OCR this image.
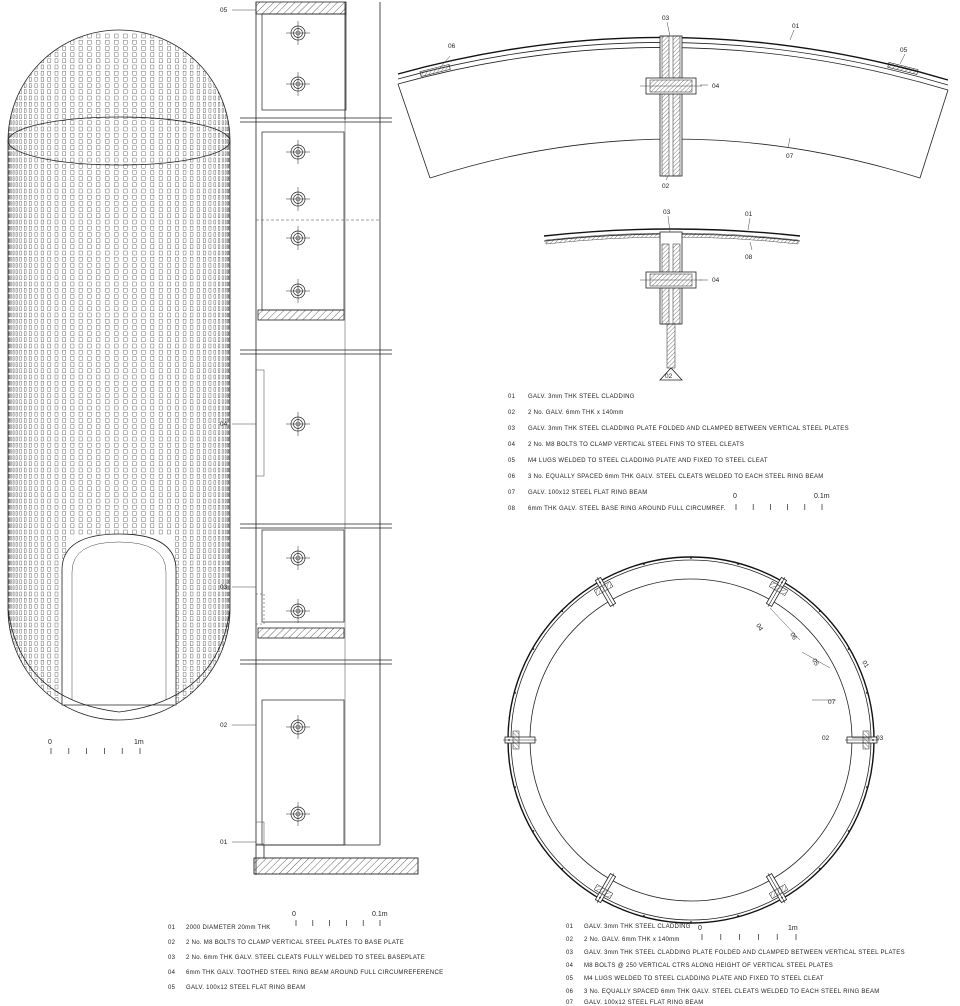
0	1m
05
04
03
02
01
0	0.1m
01 2000 DIAMETER 20mm THK
02 2 No. M8 BOLTS TO CLAMP VERTICAL STEEL PLATES TO BASE PLATE
03 2 No. 6mm THK GALV. STEEL CLEATS FULLY WELDED TO STEEL BASEPLATE
04 6mm THK GALV. TOOTHED STEEL RING BEAM AROUND FULL CIRCUMREFERENCE
05 GALV. 100x12 STEEL FLAT RING BEAM
06
03
01
05
04
07
02
03	01
08
04
02
01 GALV. 3mm THK STEEL CLADDING
02 2 No. GALV. 6mm THK x 140mm
03 GALV. 3mm THK STEEL CLADDING PLATE FOLDED AND CLAMPED BETWEEN VERTICAL STEEL PLATES
04 2 No. M8 BOLTS TO CLAMP VERTICAL STEEL FINS TO STEEL CLEATS
05 M4 LUGS WELDED TO STEEL CLADDING PLATE AND FIXED TO STEEL CLEAT
06 3 No. EQUALLY SPACED 6mm THK GALV. STEEL CLEATS WELDED TO EACH STEEL RING BEAM
07 GALV. 100x12 STEEL FLAT RING BEAM
08 6mm THK GALV. STEEL BASE RING AROUND FULL CIRCUMREF.
0	0.1m
04
06
05	01
07
02	03
0	1m
01 GALV. 3mm THK STEEL CLADDING
02 2 No. GALV. 6mm THK x 140mm
03 GALV. 3mm THK STEEL CLADDING PLATE FOLDED AND CLAMPED BETWEEN VERTICAL STEEL PLATES
04 M8 BOLTS @ 250 VERTICAL CTRS ALONG HEIGHT OF VERTICAL STEEL PLATES
05 M4 LUGS WELDED TO STEEL CLADDING PLATE AND FIXED TO STEEL CLEAT
06 3 No. EQUALLY SPACED 6mm THK GALV. STEEL CLEATS WELDED TO EACH STEEL RING BEAM
07 GALV. 100x12 STEEL FLAT RING BEAM
